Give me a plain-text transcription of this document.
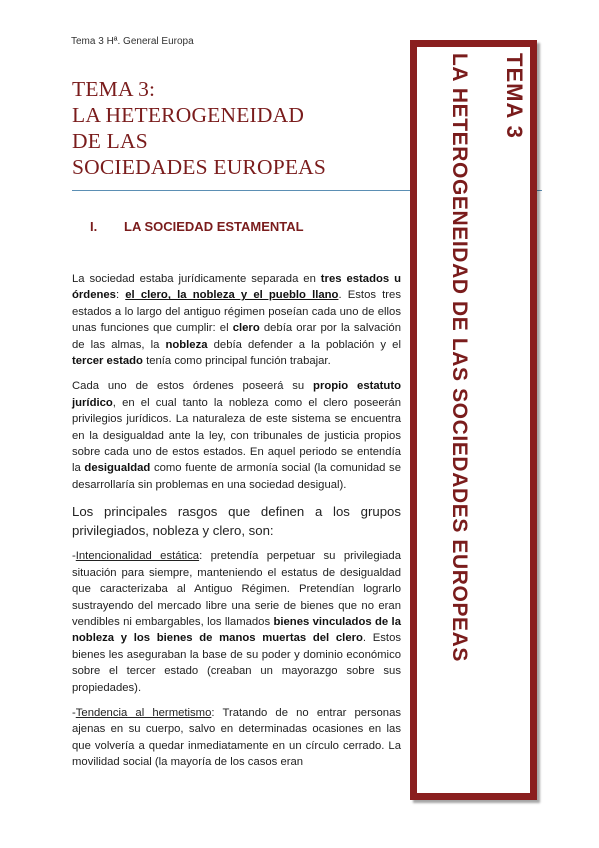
Tema 3 Hª. General Europa
TEMA 3:
LA HETEROGENEIDAD
DE LAS
SOCIEDADES EUROPEAS
I. LA SOCIEDAD ESTAMENTAL

La sociedad estaba jurídicamente separada en tres estados u órdenes: el clero, la nobleza y el pueblo llano. Estos tres estados a lo largo del antiguo régimen poseían cada uno de ellos unas funciones que cumplir: el clero debía orar por la salvación de las almas, la nobleza debía defender a la población y el tercer estado tenía como principal función trabajar.

Cada uno de estos órdenes poseerá su propio estatuto jurídico, en el cual tanto la nobleza como el clero poseerán privilegios jurídicos. La naturaleza de este sistema se encuentra en la desigualdad ante la ley, con tribunales de justicia propios sobre cada uno de estos estados. En aquel periodo se entendía la desigualdad como fuente de armonía social (la comunidad se desarrollaría sin problemas en una sociedad desigual).

Los principales rasgos que definen a los grupos privilegiados, nobleza y clero, son:

-Intencionalidad estática: pretendía perpetuar su privilegiada situación para siempre, manteniendo el estatus de desigualdad que caracterizaba al Antiguo Régimen. Pretendían lograrlo sustrayendo del mercado libre una serie de bienes que no eran vendibles ni embargables, los llamados bienes vinculados de la nobleza y los bienes de manos muertas del clero. Estos bienes les aseguraban la base de su poder y dominio económico sobre el tercer estado (creaban un mayorazgo sobre sus propiedades).

-Tendencia al hermetismo: Tratando de no entrar personas ajenas en su cuerpo, salvo en determinadas ocasiones en las que volvería a quedar inmediatamente en un círculo cerrado. La movilidad social (la mayoría de los casos eran

TEMA 3
LA HETEROGENEIDAD DE LAS SOCIEDADES EUROPEAS
